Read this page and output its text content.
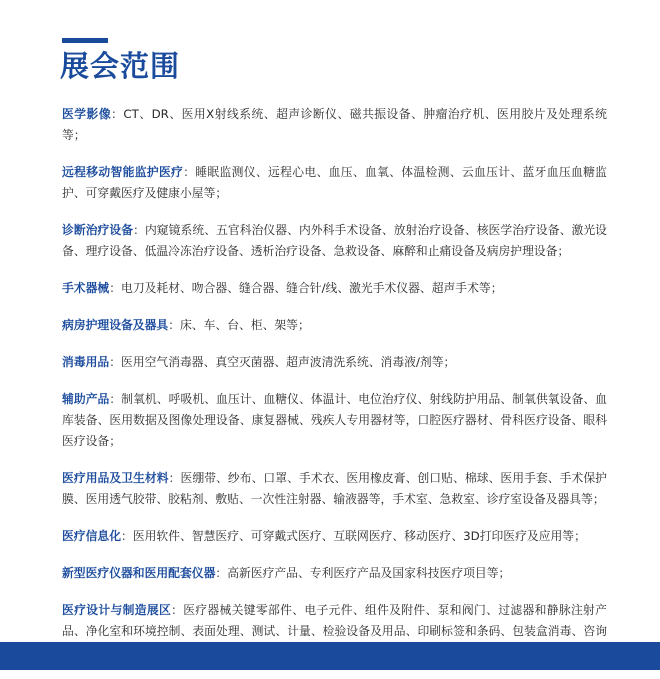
展会范围

医学影像：CT、DR、医用X射线系统、超声诊断仪、磁共振设备、肿瘤治疗机、医用胶片及处理系统等；

远程移动智能监护医疗：睡眠监测仪、远程心电、血压、血氧、体温检测、云血压计、蓝牙血压血糖监护、可穿戴医疗及健康小屋等；

诊断治疗设备：内窥镜系统、五官科治仪器、内外科手术设备、放射治疗设备、核医学治疗设备、激光设备、理疗设备、低温冷冻治疗设备、透析治疗设备、急救设备、麻醉和止痛设备及病房护理设备；

手术器械：电刀及耗材、吻合器、缝合器、缝合针/线、激光手术仪器、超声手术等；

病房护理设备及器具：床、车、台、柜、架等；

消毒用品：医用空气消毒器、真空灭菌器、超声波清洗系统、消毒液/剂等；

辅助产品：制氧机、呼吸机、血压计、血糖仪、体温计、电位治疗仪、射线防护用品、制氧供氧设备、血库装备、医用数据及图像处理设备、康复器械、残疾人专用器材等，口腔医疗器材、骨科医疗设备、眼科医疗设备；

医疗用品及卫生材料：医绷带、纱布、口罩、手术衣、医用橡皮膏、创口贴、棉球、医用手套、手术保护膜、医用透气胶带、胶粘剂、敷贴、一次性注射器、输液器等，手术室、急救室、诊疗室设备及器具等；

医疗信息化：医用软件、智慧医疗、可穿戴式医疗、互联网医疗、移动医疗、3D打印医疗及应用等；

新型医疗仪器和医用配套仪器：高新医疗产品、专利医疗产品及国家科技医疗项目等；

医疗设计与制造展区：医疗器械关键零部件、电子元件、组件及附件、泵和阀门、过滤器和静脉注射产品、净化室和环境控制、表面处理、测试、计量、检验设备及用品、印刷标签和条码、包装盒消毒、咨询
